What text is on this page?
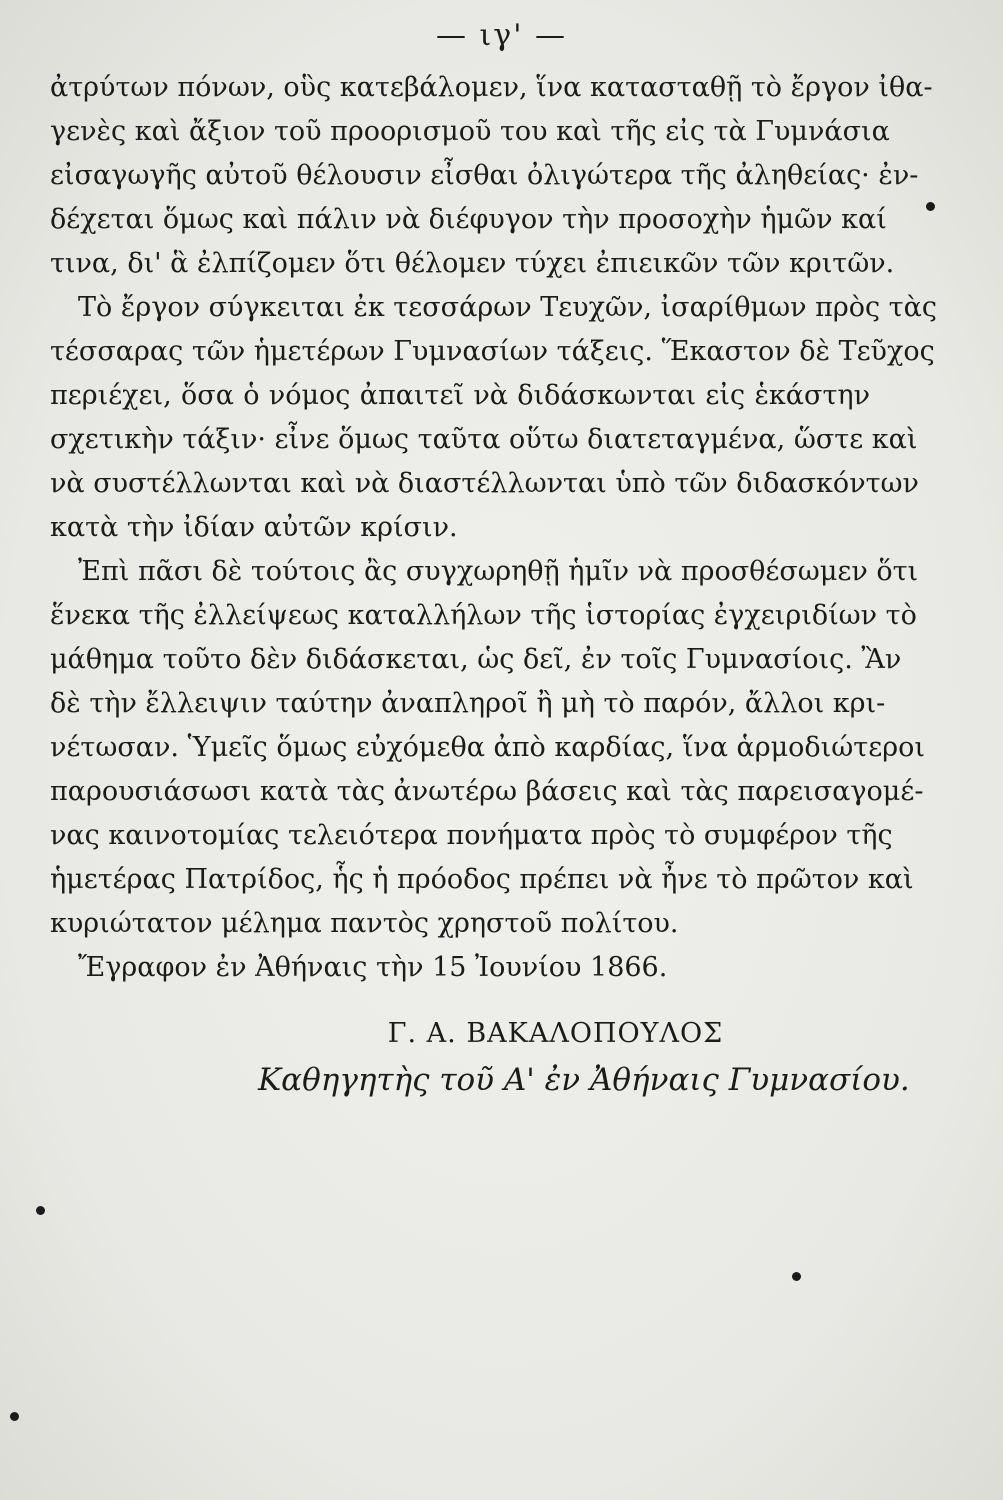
— ιγ' —
ἀτρύτων πόνων, οὓς κατεβάλομεν, ἵνα κατασταθῇ τὸ ἔργον ἰθα-
γενὲς καὶ ἄξιον τοῦ προορισμοῦ του καὶ τῆς εἰς τὰ Γυμνάσια
εἰσαγωγῆς αὐτοῦ θέλουσιν εἶσθαι ὀλιγώτερα τῆς ἀληθείας· ἐν-
δέχεται ὅμως καὶ πάλιν νὰ διέφυγον τὴν προσοχὴν ἡμῶν καί
τινα, δι' ἃ ἐλπίζομεν ὅτι θέλομεν τύχει ἐπιεικῶν τῶν κριτῶν.
Τὸ ἔργον σύγκειται ἐκ τεσσάρων Τευχῶν, ἰσαρίθμων πρὸς τὰς
τέσσαρας τῶν ἡμετέρων Γυμνασίων τάξεις. Ἕκαστον δὲ Τεῦχος
περιέχει, ὅσα ὁ νόμος ἀπαιτεῖ νὰ διδάσκωνται εἰς ἑκάστην
σχετικὴν τάξιν· εἶνε ὅμως ταῦτα οὕτω διατεταγμένα, ὥστε καὶ
νὰ συστέλλωνται καὶ νὰ διαστέλλωνται ὑπὸ τῶν διδασκόντων
κατὰ τὴν ἰδίαν αὐτῶν κρίσιν.
Ἐπὶ πᾶσι δὲ τούτοις ἂς συγχωρηθῇ ἡμῖν νὰ προσθέσωμεν ὅτι
ἕνεκα τῆς ἐλλείψεως καταλλήλων τῆς ἱστορίας ἐγχειριδίων τὸ
μάθημα τοῦτο δὲν διδάσκεται, ὡς δεῖ, ἐν τοῖς Γυμνασίοις. Ἂν
δὲ τὴν ἔλλειψιν ταύτην ἀναπληροῖ ἢ μὴ τὸ παρόν, ἄλλοι κρι-
νέτωσαν. Ὑμεῖς ὅμως εὐχόμεθα ἀπὸ καρδίας, ἵνα ἁρμοδιώτεροι
παρουσιάσωσι κατὰ τὰς ἀνωτέρω βάσεις καὶ τὰς παρεισαγομέ-
νας καινοτομίας τελειότερα πονήματα πρὸς τὸ συμφέρον τῆς
ἡμετέρας Πατρίδος, ἧς ἡ πρόοδος πρέπει νὰ ἦνε τὸ πρῶτον καὶ
κυριώτατον μέλημα παντὸς χρηστοῦ πολίτου.
Ἔγραφον ἐν Ἀθήναις τὴν 15 Ἰουνίου 1866.
Γ. Α. ΒΑΚΑΛΟΠΟΥΛΟΣ
Καθηγητὴς τοῦ Α' ἐν Ἀθήναις Γυμνασίου.
